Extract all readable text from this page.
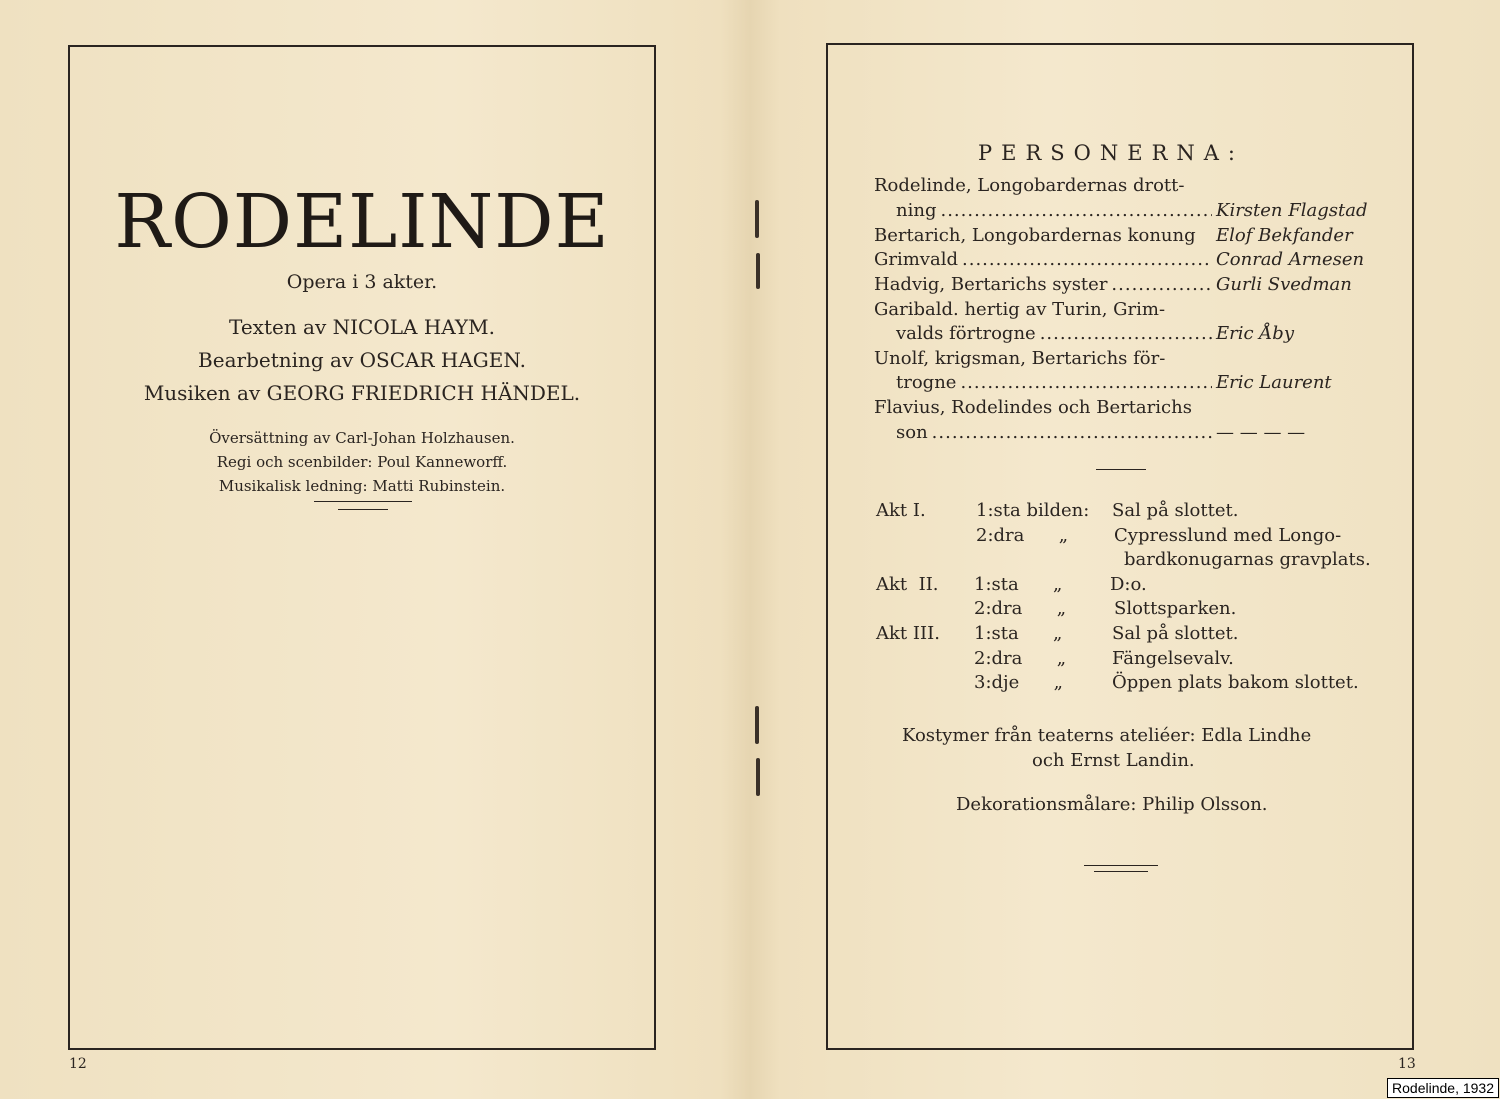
RODELINDE
Opera i 3 akter.
Texten av NICOLA HAYM.
Bearbetning av OSCAR HAGEN.
Musiken av GEORG FRIEDRICH HÄNDEL.
Översättning av Carl-Johan Holzhausen.
Regi och scenbilder: Poul Kanneworff.
Musikalisk ledning: Matti Rubinstein.
12
PERSONERNA:
Rodelinde, Longobardernas drott-
ning .....	Kirsten Flagstad
Bertarich, Longobardernas konung Elof Bekfander
Grimvald .....	Conrad Arnesen
Hadvig, Bertarichs syster .....	Gurli Svedman
Garibald. hertig av Turin, Grim-
valds förtrogne .....	Eric Åby
Unolf, krigsman, Bertarichs för-
trogne .....	Eric Laurent
Flavius, Rodelindes och Bertarichs
son .....	— — — —
Akt I.	1:sta bilden: Sal på slottet.
2:dra      „	Cypresslund med Longo-
bardkonugarnas gravplats.
Akt  II. 1:sta      „	D:o.
2:dra      „	Slottsparken.
Akt III. 1:sta      „	Sal på slottet.
2:dra      „	Fängelsevalv.
3:dje      „	Öppen plats bakom slottet.
Kostymer från teaterns ateliéer: Edla Lindhe
och Ernst Landin.
Dekorationsmålare: Philip Olsson.
13
Rodelinde, 1932
